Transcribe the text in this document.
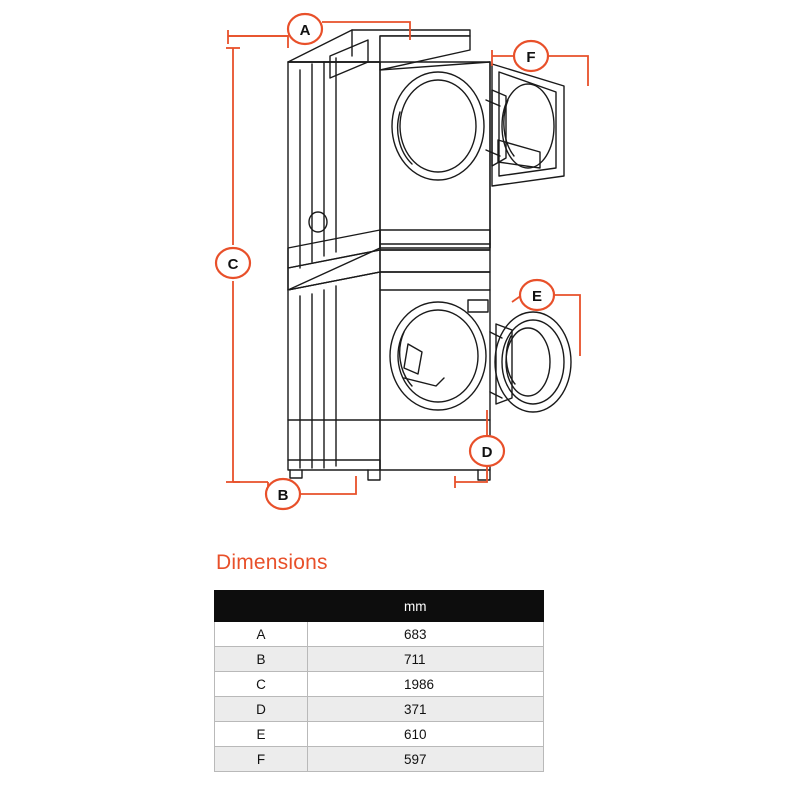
A
F
C
E
D
B
Dimensions
	mm
A	683
B	711
C	1986
D	371
E	610
F	597
